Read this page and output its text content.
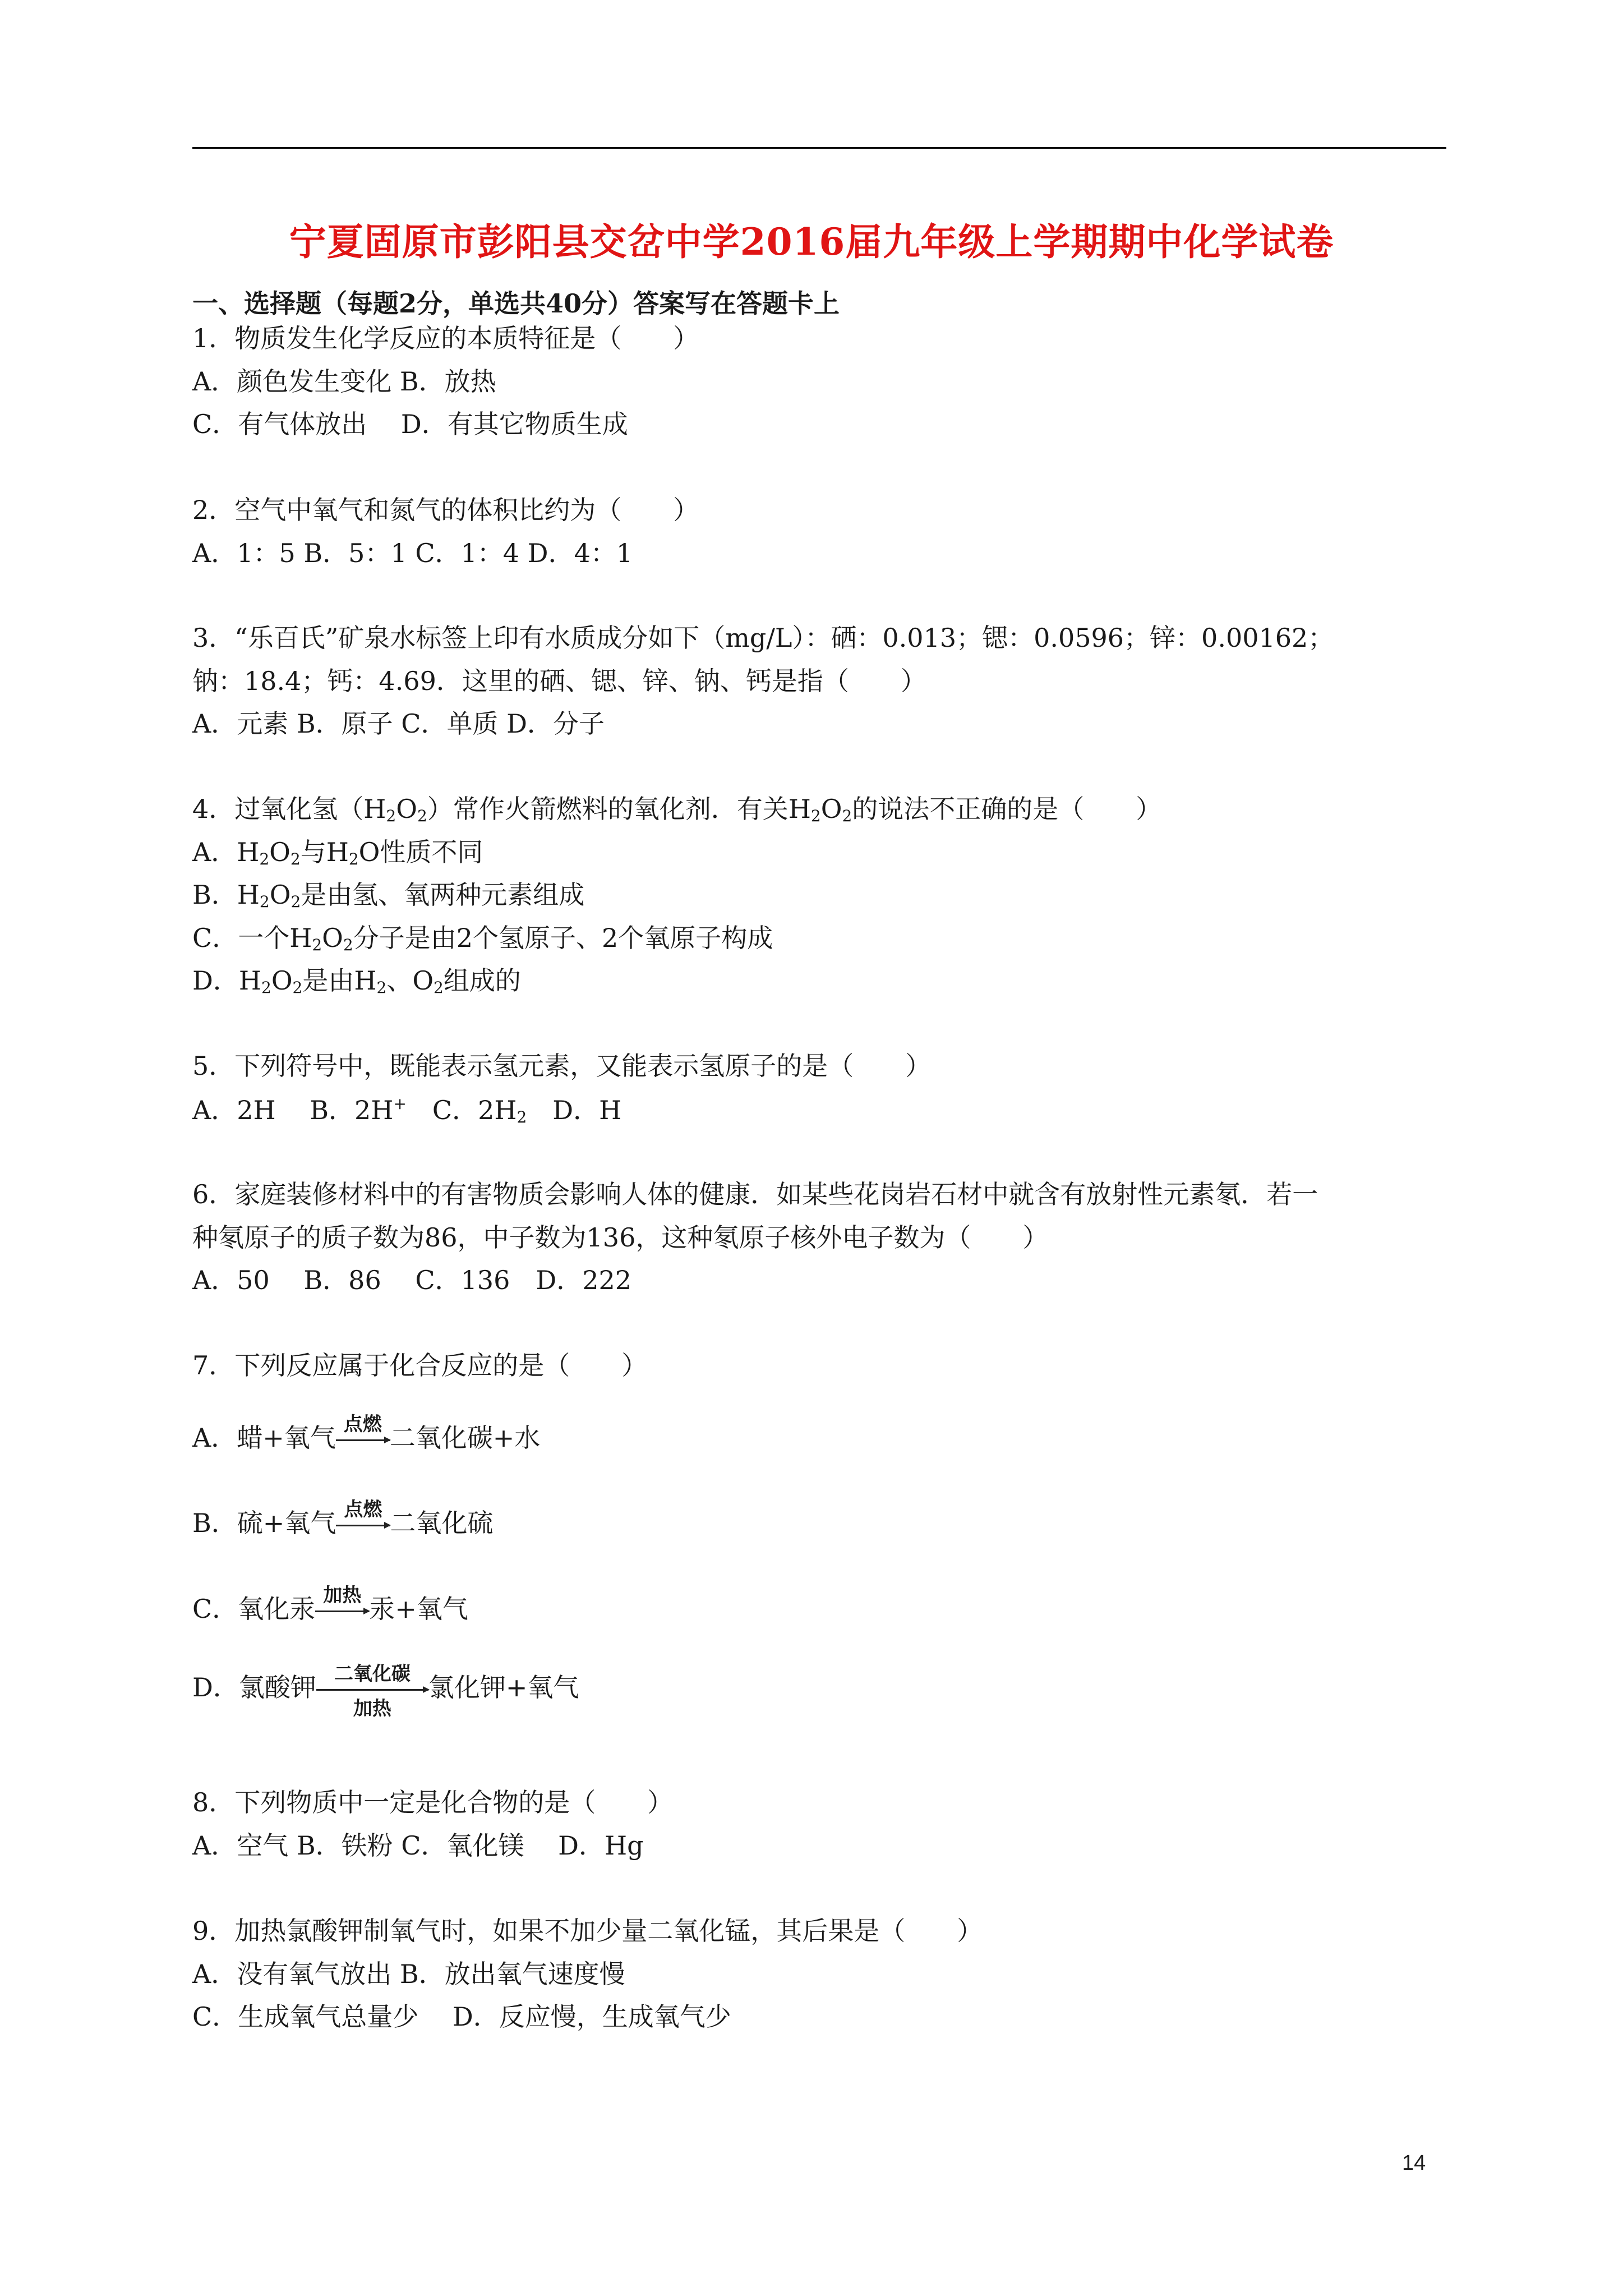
宁夏固原市彭阳县交岔中学2016届九年级上学期期中化学试卷
一、选择题（每题2分，单选共40分）答案写在答题卡上
1．物质发生化学反应的本质特征是（　　）
A．颜色发生变化 B．放热
C．有气体放出　 D．有其它物质生成
2．空气中氧气和氮气的体积比约为（　　）
A．1：5 B．5：1 C．1：4 D．4：1
3．“乐百氏”矿泉水标签上印有水质成分如下（mg/L）：硒：0.013；锶：0.0596；锌：0.00162；
钠：18.4；钙：4.69．这里的硒、锶、锌、钠、钙是指（　　）
A．元素 B．原子 C．单质 D．分子
4．过氧化氢$(H_2O_2)$常作火箭燃料的氧化剂．有关$H_2O_2$的说法不正确的是（　　）
A．$H_2O_2$与$H_2O$性质不同
B．$H_2O_2$是由氢、氧两种元素组成
C．一个$H_2O_2$分子是由2个氢原子、2个氧原子构成
D．$H_2O_2$是由$H_2$、$O_2$组成的
5．下列符号中，既能表示氢元素，又能表示氢原子的是（　　）
A．2H　 B．2H+　C．$2H_2$　D．H
6．家庭装修材料中的有害物质会影响人体的健康．如某些花岗岩石材中就含有放射性元素氡．若一
种氡原子的质子数为86，中子数为136，这种氡原子核外电子数为（　　）
A．50　 B．86　 C．136　D．222
7．下列反应属于化合反应的是（　　）
A．蜡+氧气 点燃 二氧化碳+水
B．硫+氧气 点燃 二氧化硫
C．氧化汞 加热 汞+氧气
D．氯酸钾 二氧化碳
加热
氯化钾+氧气
8．下列物质中一定是化合物的是（　　）
A．空气 B．铁粉 C．氧化镁　 D．Hg
9．加热氯酸钾制氧气时，如果不加少量二氧化锰，其后果是（　　）
A．没有氧气放出 B．放出氧气速度慢
C．生成氧气总量少　 D．反应慢，生成氧气少
14
